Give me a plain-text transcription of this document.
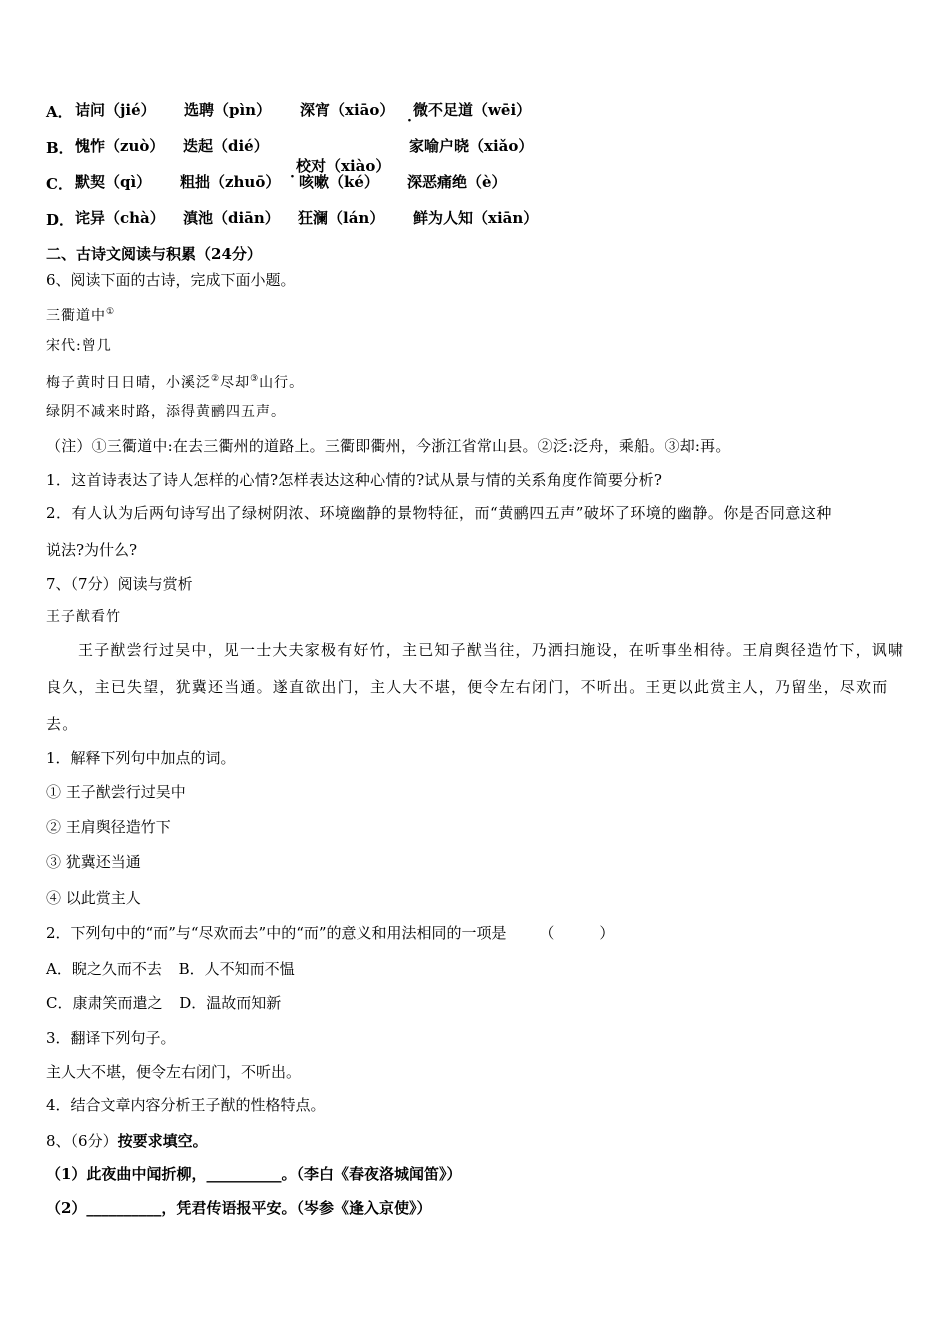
A． 诘问（jié） 选聘（pìn） 深宵（xiāo） 微不足道（wēi） ·
B． 愧怍（zuò） 迭起（dié）
校对（xiào） ·
家喻户晓（xiǎo）
C． 默契（qì） 粗拙（zhuō） 咳嗽（ké） 深恶痛绝（è）
D． 诧异（chà） 滇池（diān） 狂澜（lán） 鲜为人知（xiān）
二、古诗文阅读与积累（24分）
6、阅读下面的古诗，完成下面小题。
三衢道中①
宋代:曾几
梅子黄时日日晴，小溪泛②尽却③山行。
绿阴不减来时路，添得黄鹂四五声。
（注）①三衢道中:在去三衢州的道路上。三衢即衢州，今浙江省常山县。②泛:泛舟，乘船。③却:再。
1．这首诗表达了诗人怎样的心情?怎样表达这种心情的?试从景与情的关系角度作简要分析?
2．有人认为后两句诗写出了绿树阴浓、环境幽静的景物特征，而“黄鹂四五声”破坏了环境的幽静。你是否同意这种
说法?为什么?
7、（7分）阅读与赏析
王子猷看竹
王子猷尝行过吴中，见一士大夫家极有好竹，主已知子猷当往，乃洒扫施设，在听事坐相待。王肩舆径造竹下，讽啸良久，主已失望，犹冀还当通。遂直欲出门，主人大不堪，便令左右闭门，不听出。王更以此赏主人，乃留坐，尽欢而去。
1．解释下列句中加点的词。
① 王子猷尝行过吴中
② 王肩舆径造竹下
③ 犹冀还当通
④ 以此赏主人
2．下列句中的“而”与“尽欢而去”中的“而”的意义和用法相同的一项是 （　　　）
A．睨之久而不去 B．人不知而不愠
C．康肃笑而遣之 D．温故而知新
3．翻译下列句子。
主人大不堪，便令左右闭门，不听出。
4．结合文章内容分析王子猷的性格特点。
8、（6分）按要求填空。
（1）此夜曲中闻折柳，__________。（李白《春夜洛城闻笛》）
（2）__________，凭君传语报平安。（岑参《逢入京使》）
